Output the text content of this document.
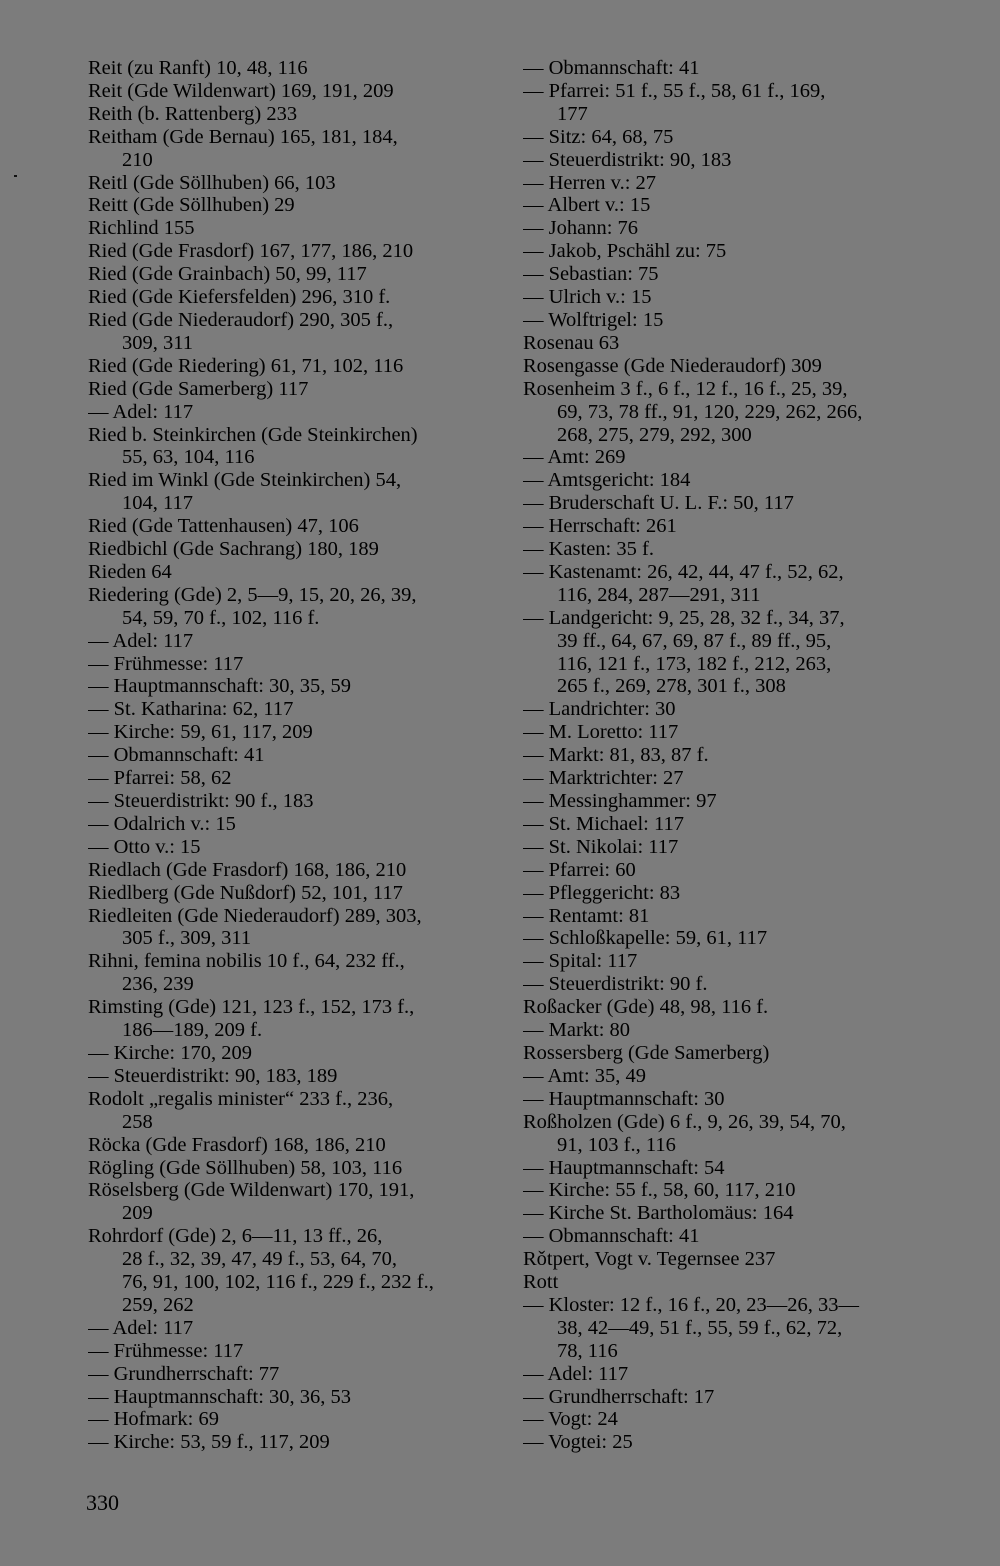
Reit (zu Ranft) 10, 48, 116
Reit (Gde Wildenwart) 169, 191, 209
Reith (b. Rattenberg) 233
Reitham (Gde Bernau) 165, 181, 184,
210
Reitl (Gde Söllhuben) 66, 103
Reitt (Gde Söllhuben) 29
Richlind 155
Ried (Gde Frasdorf) 167, 177, 186, 210
Ried (Gde Grainbach) 50, 99, 117
Ried (Gde Kiefersfelden) 296, 310 f.
Ried (Gde Niederaudorf) 290, 305 f.,
309, 311
Ried (Gde Riedering) 61, 71, 102, 116
Ried (Gde Samerberg) 117
— Adel: 117
Ried b. Steinkirchen (Gde Steinkirchen)
55, 63, 104, 116
Ried im Winkl (Gde Steinkirchen) 54,
104, 117
Ried (Gde Tattenhausen) 47, 106
Riedbichl (Gde Sachrang) 180, 189
Rieden 64
Riedering (Gde) 2, 5—9, 15, 20, 26, 39,
54, 59, 70 f., 102, 116 f.
— Adel: 117
— Frühmesse: 117
— Hauptmannschaft: 30, 35, 59
— St. Katharina: 62, 117
— Kirche: 59, 61, 117, 209
— Obmannschaft: 41
— Pfarrei: 58, 62
— Steuerdistrikt: 90 f., 183
— Odalrich v.: 15
— Otto v.: 15
Riedlach (Gde Frasdorf) 168, 186, 210
Riedlberg (Gde Nußdorf) 52, 101, 117
Riedleiten (Gde Niederaudorf) 289, 303,
305 f., 309, 311
Rihni, femina nobilis 10 f., 64, 232 ff.,
236, 239
Rimsting (Gde) 121, 123 f., 152, 173 f.,
186—189, 209 f.
— Kirche: 170, 209
— Steuerdistrikt: 90, 183, 189
Rodolt „regalis minister“ 233 f., 236,
258
Röcka (Gde Frasdorf) 168, 186, 210
Rögling (Gde Söllhuben) 58, 103, 116
Röselsberg (Gde Wildenwart) 170, 191,
209
Rohrdorf (Gde) 2, 6—11, 13 ff., 26,
28 f., 32, 39, 47, 49 f., 53, 64, 70,
76, 91, 100, 102, 116 f., 229 f., 232 f.,
259, 262
— Adel: 117
— Frühmesse: 117
— Grundherrschaft: 77
— Hauptmannschaft: 30, 36, 53
— Hofmark: 69
— Kirche: 53, 59 f., 117, 209
— Obmannschaft: 41
— Pfarrei: 51 f., 55 f., 58, 61 f., 169,
177
— Sitz: 64, 68, 75
— Steuerdistrikt: 90, 183
— Herren v.: 27
— Albert v.: 15
— Johann: 76
— Jakob, Pschähl zu: 75
— Sebastian: 75
— Ulrich v.: 15
— Wolftrigel: 15
Rosenau 63
Rosengasse (Gde Niederaudorf) 309
Rosenheim 3 f., 6 f., 12 f., 16 f., 25, 39,
69, 73, 78 ff., 91, 120, 229, 262, 266,
268, 275, 279, 292, 300
— Amt: 269
— Amtsgericht: 184
— Bruderschaft U. L. F.: 50, 117
— Herrschaft: 261
— Kasten: 35 f.
— Kastenamt: 26, 42, 44, 47 f., 52, 62,
116, 284, 287—291, 311
— Landgericht: 9, 25, 28, 32 f., 34, 37,
39 ff., 64, 67, 69, 87 f., 89 ff., 95,
116, 121 f., 173, 182 f., 212, 263,
265 f., 269, 278, 301 f., 308
— Landrichter: 30
— M. Loretto: 117
— Markt: 81, 83, 87 f.
— Marktrichter: 27
— Messinghammer: 97
— St. Michael: 117
— St. Nikolai: 117
— Pfarrei: 60
— Pfleggericht: 83
— Rentamt: 81
— Schloßkapelle: 59, 61, 117
— Spital: 117
— Steuerdistrikt: 90 f.
Roßacker (Gde) 48, 98, 116 f.
— Markt: 80
Rossersberg (Gde Samerberg)
— Amt: 35, 49
— Hauptmannschaft: 30
Roßholzen (Gde) 6 f., 9, 26, 39, 54, 70,
91, 103 f., 116
— Hauptmannschaft: 54
— Kirche: 55 f., 58, 60, 117, 210
— Kirche St. Bartholomäus: 164
— Obmannschaft: 41
Rǒtpert, Vogt v. Tegernsee 237
Rott
— Kloster: 12 f., 16 f., 20, 23—26, 33—
38, 42—49, 51 f., 55, 59 f., 62, 72,
78, 116
— Adel: 117
— Grundherrschaft: 17
— Vogt: 24
— Vogtei: 25
330
